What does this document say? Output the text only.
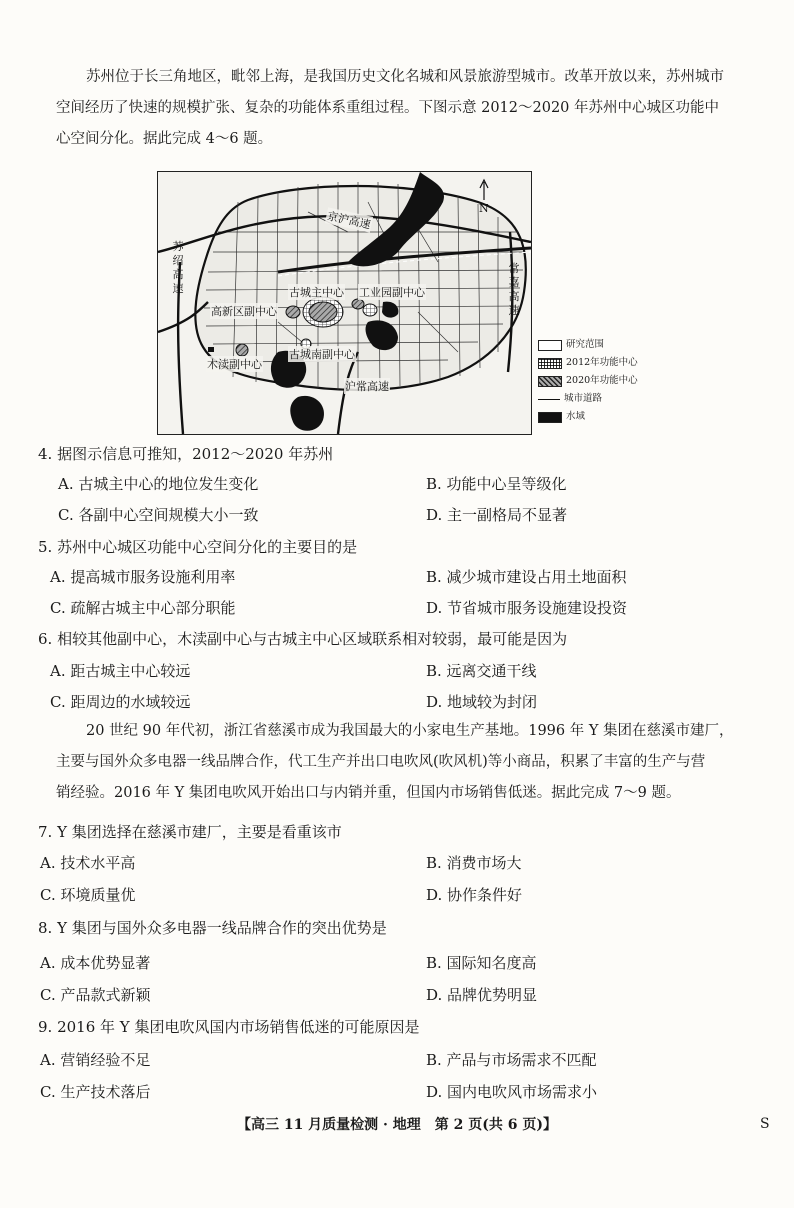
苏州位于长三角地区，毗邻上海，是我国历史文化名城和风景旅游型城市。改革开放以来，苏州城市
空间经历了快速的规模扩张、复杂的功能体系重组过程。下图示意 2012～2020 年苏州中心城区功能中
心空间分化。据此完成 4～6 题。
N
古城主中心 工业园副中心
高新区副中心
木渎副中心
古城南副中心
京沪高速
沪常高速
苏绍高速
常嘉高速
研究范围
2012年功能中心
2020年功能中心
城市道路
水域
4. 据图示信息可推知，2012～2020 年苏州
A. 古城主中心的地位发生变化	B. 功能中心呈等级化
C. 各副中心空间规模大小一致	D. 主一副格局不显著
5. 苏州中心城区功能中心空间分化的主要目的是
A. 提高城市服务设施利用率	B. 减少城市建设占用土地面积
C. 疏解古城主中心部分职能	D. 节省城市服务设施建设投资
6. 相较其他副中心，木渎副中心与古城主中心区域联系相对较弱，最可能是因为
A. 距古城主中心较远	B. 远离交通干线
C. 距周边的水域较远	D. 地域较为封闭
20 世纪 90 年代初，浙江省慈溪市成为我国最大的小家电生产基地。1996 年 Y 集团在慈溪市建厂，
主要与国外众多电器一线品牌合作，代工生产并出口电吹风(吹风机)等小商品，积累了丰富的生产与营
销经验。2016 年 Y 集团电吹风开始出口与内销并重，但国内市场销售低迷。据此完成 7～9 题。
7. Y 集团选择在慈溪市建厂，主要是看重该市
A. 技术水平高	B. 消费市场大
C. 环境质量优	D. 协作条件好
8. Y 集团与国外众多电器一线品牌合作的突出优势是
A. 成本优势显著	B. 国际知名度高
C. 产品款式新颖	D. 品牌优势明显
9. 2016 年 Y 集团电吹风国内市场销售低迷的可能原因是
A. 营销经验不足	B. 产品与市场需求不匹配
C. 生产技术落后	D. 国内电吹风市场需求小
【高三 11 月质量检测 · 地理　第 2 页(共 6 页)】	S
